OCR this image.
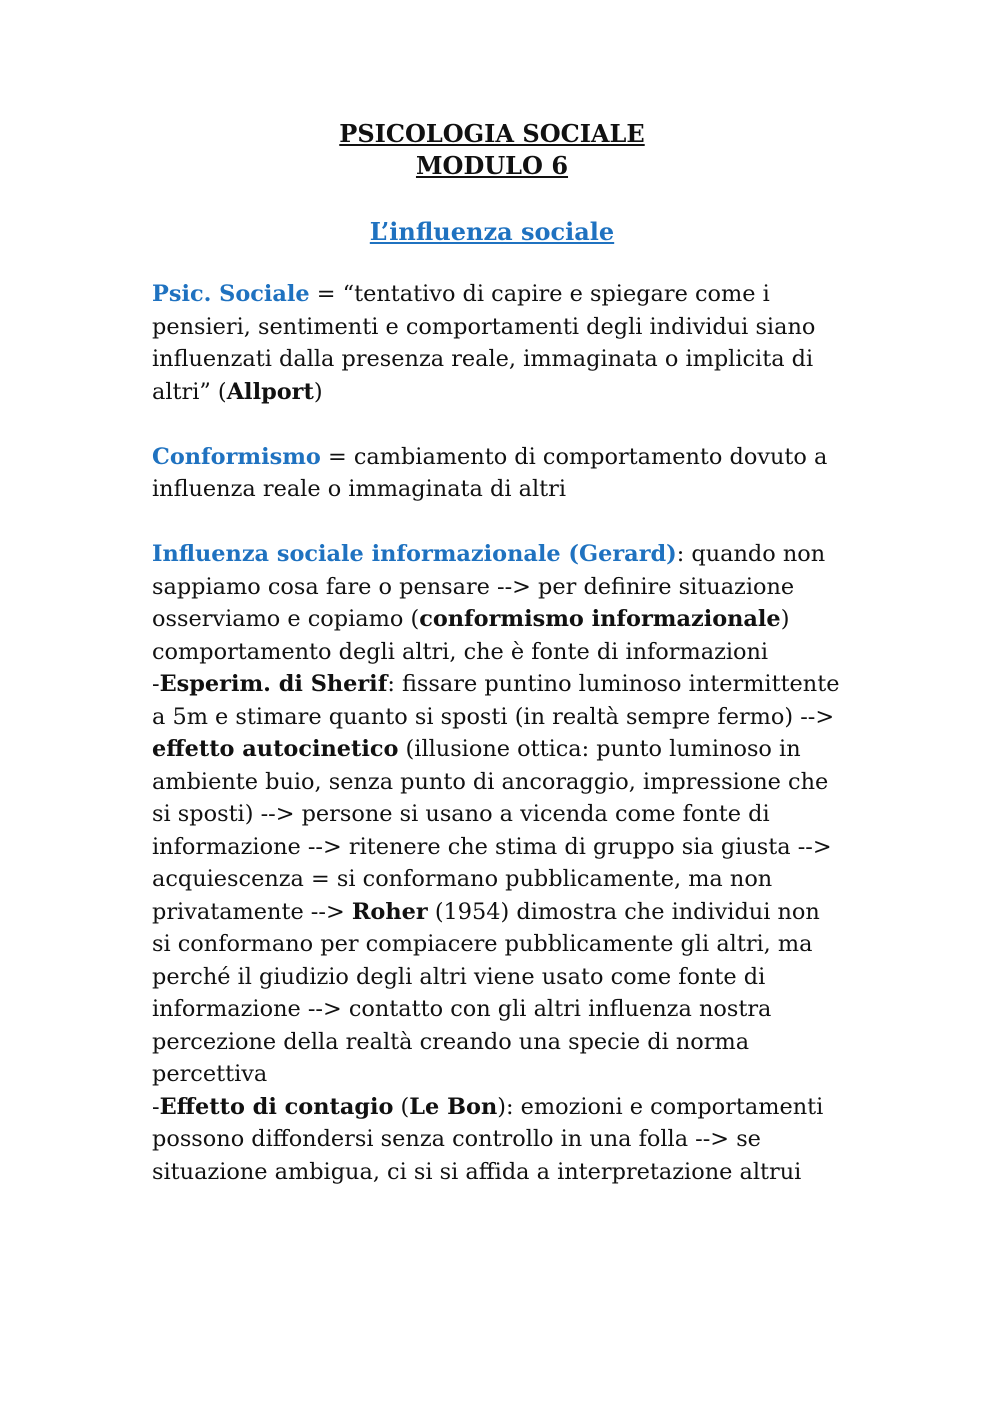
PSICOLOGIA SOCIALE
MODULO 6
L’influenza sociale

Psic. Sociale = “tentativo di capire e spiegare come i pensieri, sentimenti e comportamenti degli individui siano influenzati dalla presenza reale, immaginata o implicita di altri” (Allport)

Conformismo = cambiamento di comportamento dovuto a influenza reale o immaginata di altri

Influenza sociale informazionale (Gerard): quando non sappiamo cosa fare o pensare --> per definire situazione osserviamo e copiamo (conformismo informazionale) comportamento degli altri, che è fonte di informazioni

-Esperim. di Sherif: fissare puntino luminoso intermittente a 5m e stimare quanto si sposti (in realtà sempre fermo) --> effetto autocinetico (illusione ottica: punto luminoso in ambiente buio, senza punto di ancoraggio, impressione che si sposti) --> persone si usano a vicenda come fonte di informazione --> ritenere che stima di gruppo sia giusta --> acquiescenza = si conformano pubblicamente, ma non privatamente --> Roher (1954) dimostra che individui non si conformano per compiacere pubblicamente gli altri, ma perché il giudizio degli altri viene usato come fonte di informazione --> contatto con gli altri influenza nostra percezione della realtà creando una specie di norma percettiva

-Effetto di contagio (Le Bon): emozioni e comportamenti possono diffondersi senza controllo in una folla --> se situazione ambigua, ci si si affida a interpretazione altrui
